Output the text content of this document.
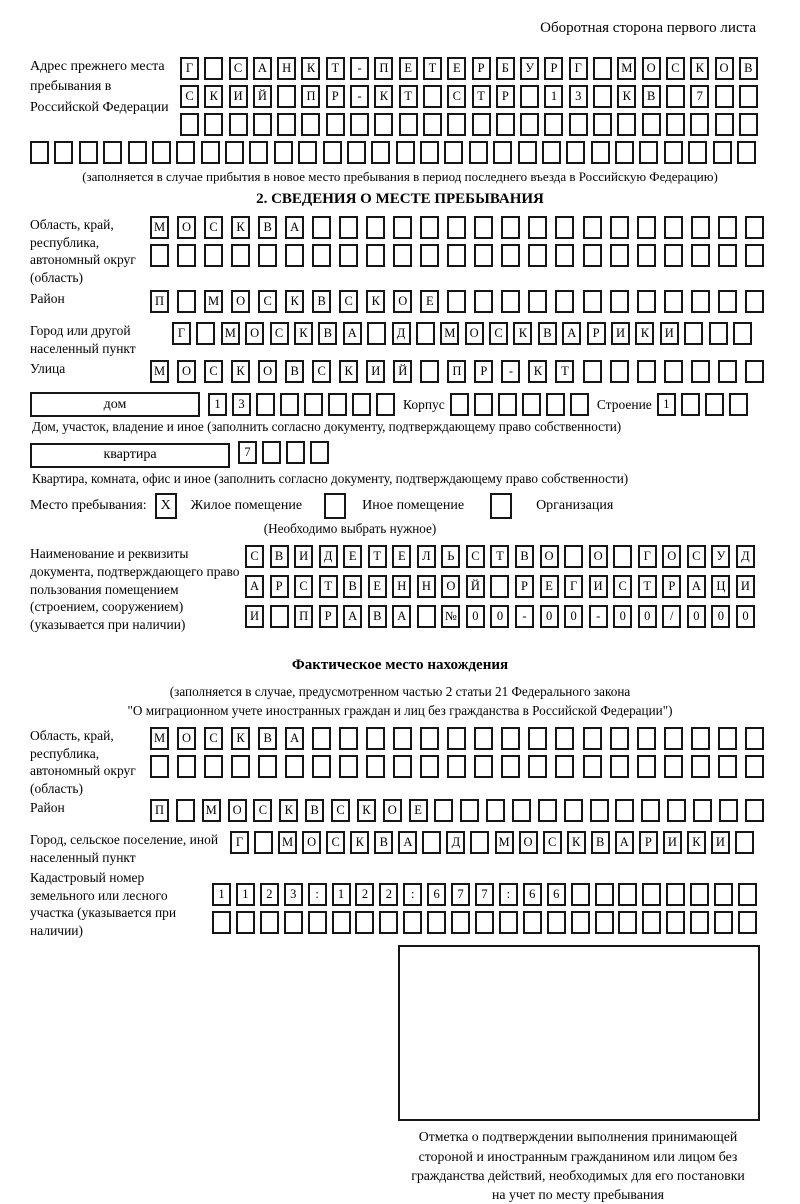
Оборотная сторона первого листа
Адрес прежнего места пребывания в Российской Федерации
Г	С	А	Н	К	Т	-	П	Е	Т	Е	Р	Б	У	Р	Г	М	О	С	К	О	В
С	К	И	Й	П	Р	-	К	Т	С	Т	Р	1	3	К	В	7
(заполняется в случае прибытия в новое место пребывания в период последнего въезда в Российскую Федерацию)
2. СВЕДЕНИЯ О МЕСТЕ ПРЕБЫВАНИЯ
Область, край, республика, автономный округ (область)
М	О	С	К	В	А
Район	П	М	О	С	К	В	С	К	О	Е
Город или другой населенный пункт
Г	М	О	С	К	В	А	Д	М	О	С	К	В	А	Р	И	К	И
Улица	М	О	С	К	О	В	С	К	И	Й	П	Р	-	К	Т
дом	1	3	Корпус	Строение 1
Дом, участок, владение и иное (заполнить согласно документу, подтверждающему право собственности)
квартира	7
Квартира, комната, офис и иное (заполнить согласно документу, подтверждающему право собственности)
Место пребывания: X	Жилое помещение	Иное помещение	Организация
(Необходимо выбрать нужное)
Наименование и реквизиты документа, подтверждающего право пользования помещением (строением, сооружением) (указывается при наличии)
С	В	И	Д	Е	Т	Е	Л	Ь	С	Т	В	О	О	Г	О	С	У	Д
А	Р	С	Т	В	Е	Н	Н	О	Й	Р	Е	Г	И	С	Т	Р	А	Ц	И
И	П	Р	А	В	А	№	0	0	-	0	0	-	0	0	/	0	0	0
Фактическое место нахождения
(заполняется в случае, предусмотренном частью 2 статьи 21 Федерального закона
"О миграционном учете иностранных граждан и лиц без гражданства в Российской Федерации")
Область, край, республика, автономный округ (область)
М	О	С	К	В	А
Район	П	М	О	С	К	В	С	К	О	Е
Город, сельское поселение, иной населенный пункт
Г	М	О	С	К	В	А	Д	М	О	С	К	В	А	Р	И	К	И
Кадастровый номер земельного или лесного участка (указывается при наличии)
1	1	2	3	:	1	2	2	:	6	7	7	:	6	6
Отметка о подтверждении выполнения принимающей
стороной и иностранным гражданином или лицом без
гражданства действий, необходимых для его постановки
на учет по месту пребывания
